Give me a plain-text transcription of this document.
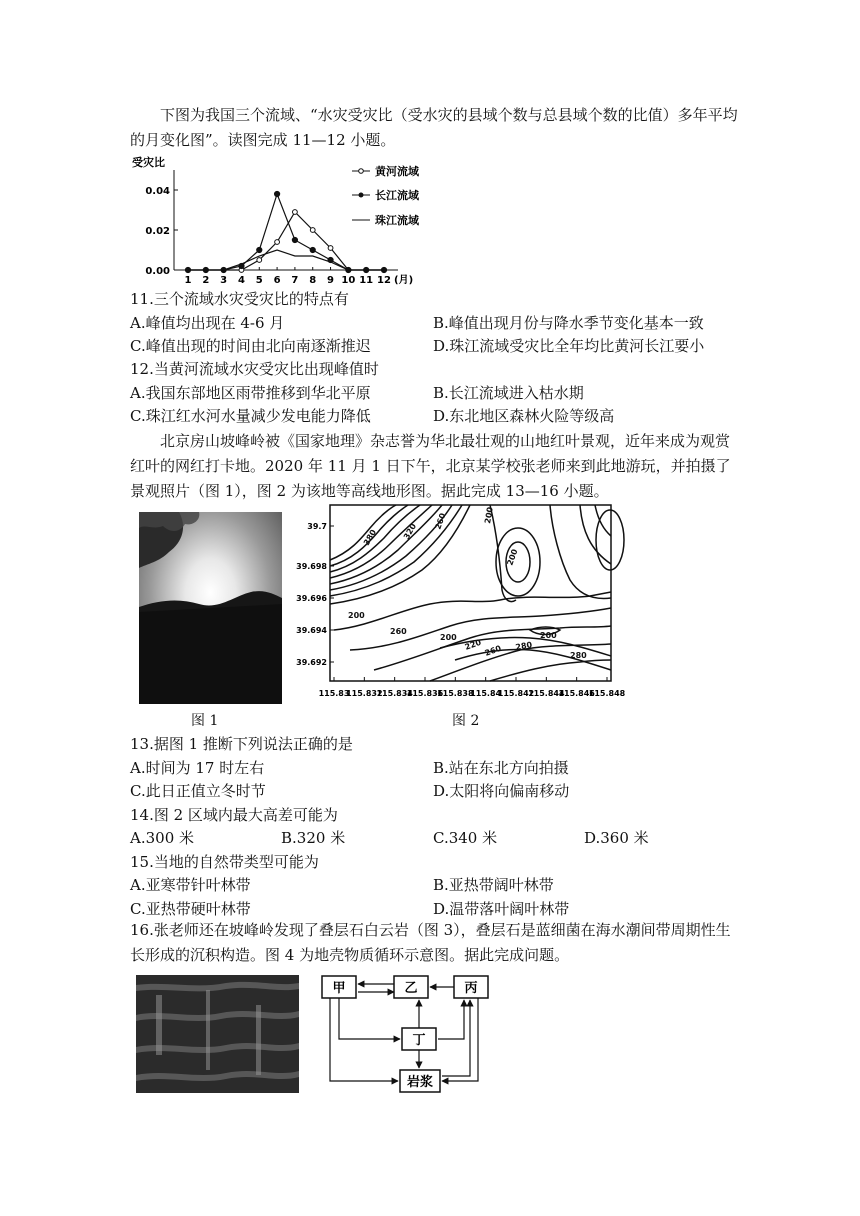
下图为我国三个流域、“水灾受灾比（受水灾的县域个数与总县域个数的比值）多年平均的月变化图”。读图完成 11—12 小题。

受灾比
0.00
0.02
0.04
1 2 3 4 5 6 7 8 9 10 11 12 (月)
黄河流域
长江流域
珠江流域
11.三个流域水灾受灾比的特点有
A.峰值均出现在 4-6 月	B.峰值出现月份与降水季节变化基本一致
C.峰值出现的时间由北向南逐渐推迟	D.珠江流域受灾比全年均比黄河长江要小
12.当黄河流域水灾受灾比出现峰值时
A.我国东部地区雨带推移到华北平原	B.长江流域进入枯水期
C.珠江红水河水量减少发电能力降低	D.东北地区森林火险等级高

北京房山坡峰岭被《国家地理》杂志誉为华北最壮观的山地红叶景观，近年来成为观赏红叶的网红打卡地。2020 年 11 月 1 日下午，北京某学校张老师来到此地游玩，并拍摄了景观照片（图 1），图 2 为该地等高线地形图。据此完成 13—16 小题。

图 1
39.7
39.698
39.696
39.694
39.692
115.83
115.832
115.834
115.836
115.838
115.84
115.842
115.844
115.846
115.848
380	320
260
200
260
200
200
200
220 260 280
200
280
图 2
13.据图 1 推断下列说法正确的是
A.时间为 17 时左右	B.站在东北方向拍摄
C.此日正值立冬时节	D.太阳将向偏南移动
14.图 2 区域内最大高差可能为
A.300 米	B.320 米	C.340 米	D.360 米
15.当地的自然带类型可能为
A.亚寒带针叶林带	B.亚热带阔叶林带
C.亚热带硬叶林带	D.温带落叶阔叶林带

16.张老师还在坡峰岭发现了叠层石白云岩（图 3），叠层石是蓝细菌在海水潮间带周期性生长形成的沉积构造。图 4 为地壳物质循环示意图。据此完成问题。

甲	乙	丙
丁
岩浆
